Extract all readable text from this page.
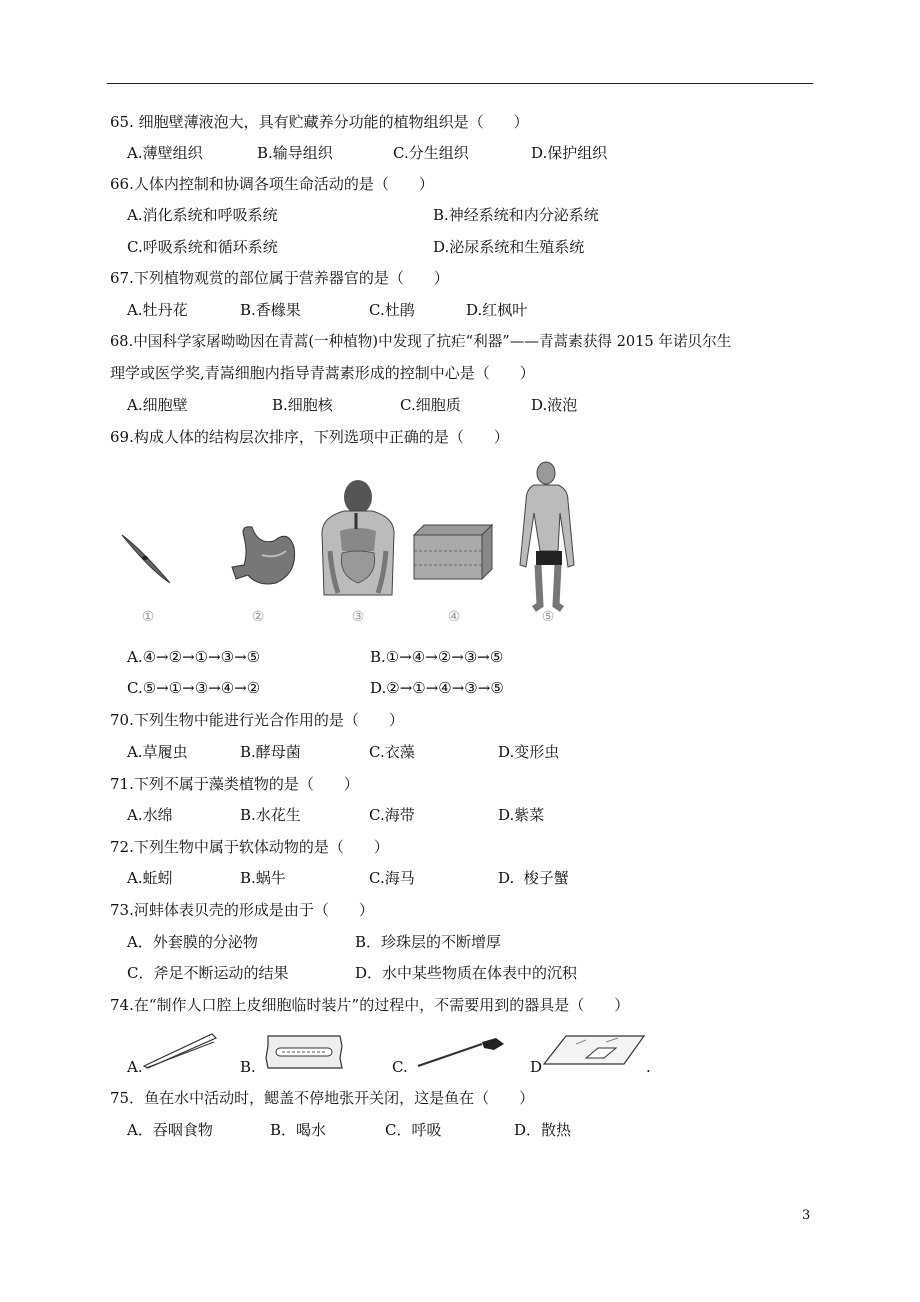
65. 细胞壁薄液泡大，具有贮藏养分功能的植物组织是（　　）
A.薄壁组织	B.输导组织	C.分生组织	D.保护组织
66.人体内控制和协调各项生命活动的是（　　）
A.消化系统和呼吸系统	B.神经系统和内分泌系统
C.呼吸系统和循环系统	D.泌尿系统和生殖系统
67.下列植物观赏的部位属于营养器官的是（　　）
A.牡丹花	B.香橼果	C.杜鹃	D.红枫叶
68.中国科学家屠呦呦因在青蒿(一种植物)中发现了抗疟“利器”——青蒿素获得 2015 年诺贝尔生
理学或医学奖,青嵩细胞内指导青蒿素形成的控制中心是（　　）
A.细胞壁	B.细胞核	C.细胞质	D.液泡
69.构成人体的结构层次排序，下列选项中正确的是（　　）
①	②	③	④	⑤
A.④→②→①→③→⑤	B.①→④→②→③→⑤
C.⑤→①→③→④→②	D.②→①→④→③→⑤
70.下列生物中能进行光合作用的是（　　）
A.草履虫	B.酵母菌	C.衣藻	D.变形虫
71.下列不属于藻类植物的是（　　）
A.水绵	B.水花生	C.海带	D.紫菜
72.下列生物中属于软体动物的是（　　）
A.蚯蚓	B.蜗牛	C.海马	D.  梭子蟹
73.河蚌体表贝壳的形成是由于（　　）
A．外套膜的分泌物	B．珍珠层的不断增厚
C．斧足不断运动的结果	D．水中某些物质在体表中的沉积
74.在“制作人口腔上皮细胞临时装片”的过程中，不需要用到的器具是（　　）
A.	B.	C.	D	.
75．鱼在水中活动时，鳃盖不停地张开关闭，这是鱼在（　　）
A．吞咽食物	B．喝水	C．呼吸	D．散热
3
